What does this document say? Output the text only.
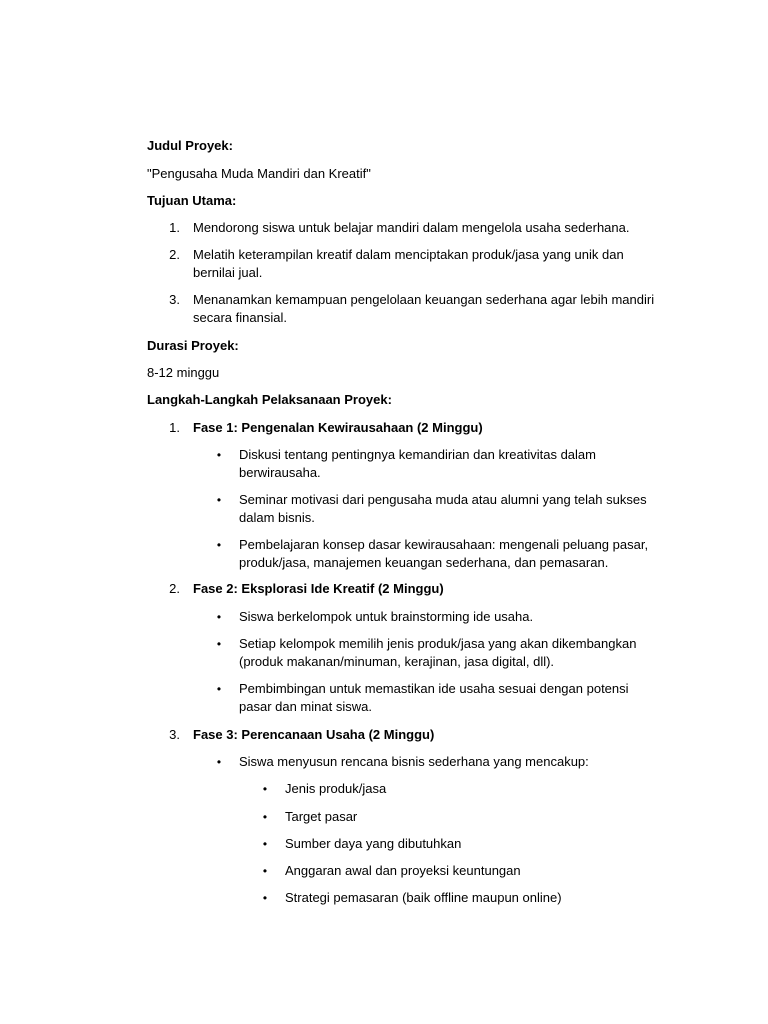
Judul Proyek:
"Pengusaha Muda Mandiri dan Kreatif"
Tujuan Utama:
1. Mendorong siswa untuk belajar mandiri dalam mengelola usaha sederhana.
2. Melatih keterampilan kreatif dalam menciptakan produk/jasa yang unik dan bernilai jual.
3. Menanamkan kemampuan pengelolaan keuangan sederhana agar lebih mandiri secara finansial.
Durasi Proyek:
8-12 minggu
Langkah-Langkah Pelaksanaan Proyek:
1. Fase 1: Pengenalan Kewirausahaan (2 Minggu)
• Diskusi tentang pentingnya kemandirian dan kreativitas dalam berwirausaha.
• Seminar motivasi dari pengusaha muda atau alumni yang telah sukses dalam bisnis.
• Pembelajaran konsep dasar kewirausahaan: mengenali peluang pasar, produk/jasa, manajemen keuangan sederhana, dan pemasaran.
2. Fase 2: Eksplorasi Ide Kreatif (2 Minggu)
• Siswa berkelompok untuk brainstorming ide usaha.
• Setiap kelompok memilih jenis produk/jasa yang akan dikembangkan (produk makanan/minuman, kerajinan, jasa digital, dll).
• Pembimbingan untuk memastikan ide usaha sesuai dengan potensi pasar dan minat siswa.
3. Fase 3: Perencanaan Usaha (2 Minggu)
• Siswa menyusun rencana bisnis sederhana yang mencakup:
• Jenis produk/jasa
• Target pasar
• Sumber daya yang dibutuhkan
• Anggaran awal dan proyeksi keuntungan
• Strategi pemasaran (baik offline maupun online)
